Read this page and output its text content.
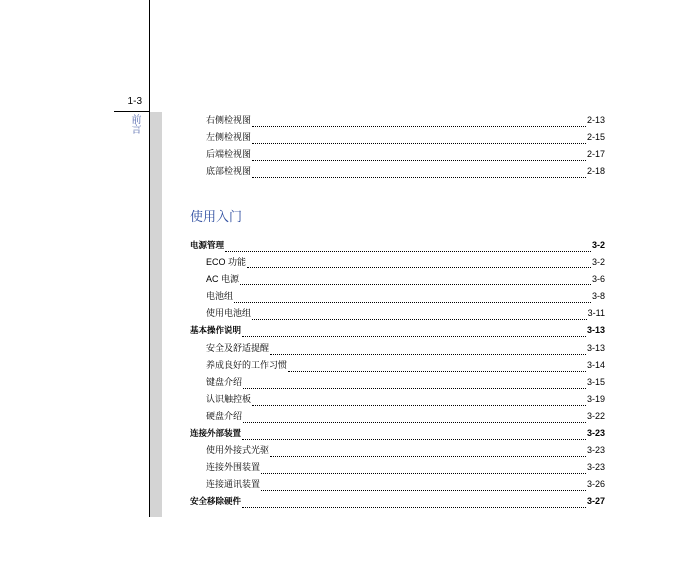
1-3
前言	右侧检视图	2-13
左侧检视图	2-15
后端检视图	2-17
底部检视图	2-18
使用入门
电源管理	3-2
ECO 功能	3-2
AC 电源	3-6
电池组	3-8
使用电池组	3-11
基本操作说明	3-13
安全及舒适提醒	3-13
养成良好的工作习惯	3-14
键盘介绍	3-15
认识触控板	3-19
硬盘介绍	3-22
连接外部装置	3-23
使用外接式光驱	3-23
连接外围装置	3-23
连接通讯装置	3-26
安全移除硬件	3-27
